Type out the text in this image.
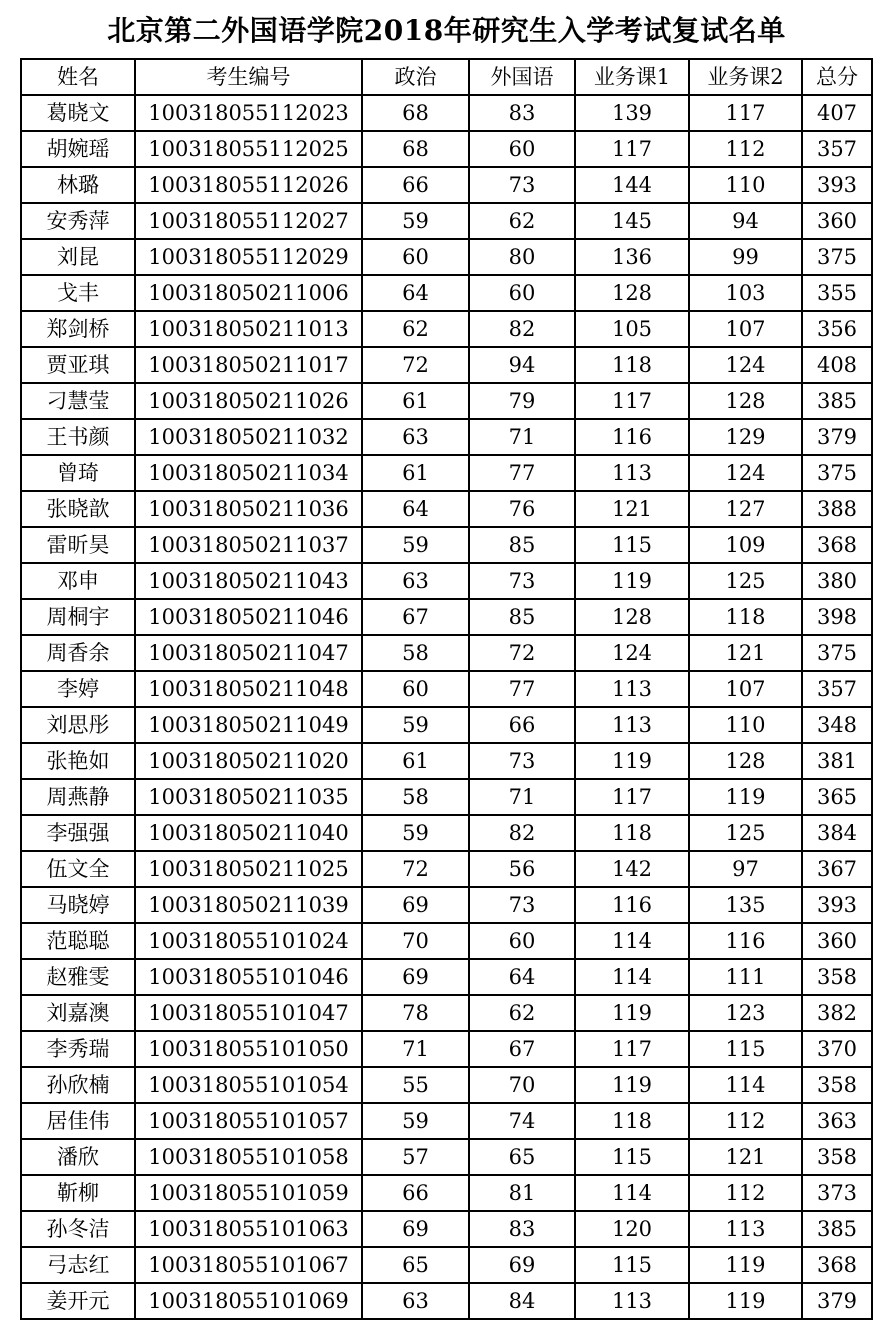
北京第二外国语学院2018年研究生入学考试复试名单
姓名	考生编号	政治	外国语	业务课1	业务课2	总分
葛晓文	100318055112023	68	83	139	117	407
胡婉瑶	100318055112025	68	60	117	112	357
林璐	100318055112026	66	73	144	110	393
安秀萍	100318055112027	59	62	145	94	360
刘昆	100318055112029	60	80	136	99	375
戈丰	100318050211006	64	60	128	103	355
郑剑桥	100318050211013	62	82	105	107	356
贾亚琪	100318050211017	72	94	118	124	408
刁慧莹	100318050211026	61	79	117	128	385
王书颜	100318050211032	63	71	116	129	379
曾琦	100318050211034	61	77	113	124	375
张晓歆	100318050211036	64	76	121	127	388
雷昕昊	100318050211037	59	85	115	109	368
邓申	100318050211043	63	73	119	125	380
周桐宇	100318050211046	67	85	128	118	398
周香余	100318050211047	58	72	124	121	375
李婷	100318050211048	60	77	113	107	357
刘思彤	100318050211049	59	66	113	110	348
张艳如	100318050211020	61	73	119	128	381
周燕静	100318050211035	58	71	117	119	365
李强强	100318050211040	59	82	118	125	384
伍文全	100318050211025	72	56	142	97	367
马晓婷	100318050211039	69	73	116	135	393
范聪聪	100318055101024	70	60	114	116	360
赵雅雯	100318055101046	69	64	114	111	358
刘嘉澳	100318055101047	78	62	119	123	382
李秀瑞	100318055101050	71	67	117	115	370
孙欣楠	100318055101054	55	70	119	114	358
居佳伟	100318055101057	59	74	118	112	363
潘欣	100318055101058	57	65	115	121	358
靳柳	100318055101059	66	81	114	112	373
孙冬洁	100318055101063	69	83	120	113	385
弓志红	100318055101067	65	69	115	119	368
姜开元	100318055101069	63	84	113	119	379
